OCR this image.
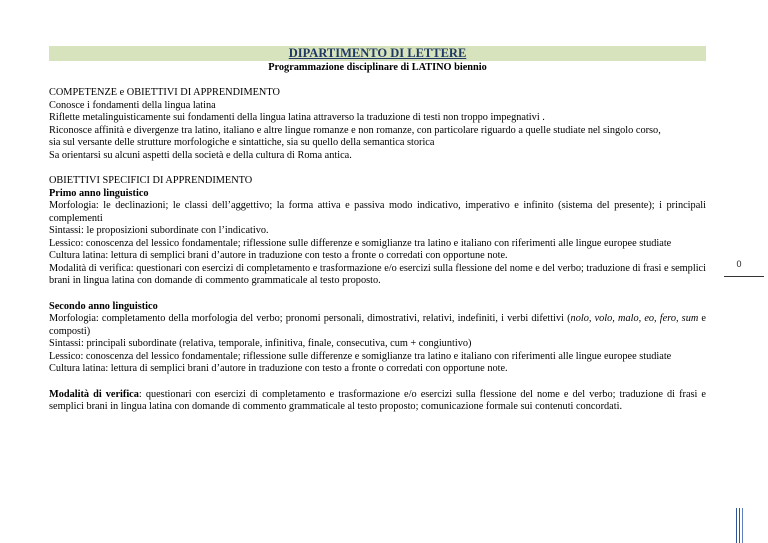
DIPARTIMENTO DI LETTERE
Programmazione disciplinare di LATINO biennio
COMPETENZE e OBIETTIVI DI APPRENDIMENTO
Conosce i fondamenti della lingua latina
Riflette metalinguisticamente sui fondamenti della lingua latina attraverso la traduzione di testi non troppo impegnativi .
Riconosce affinità e divergenze tra latino, italiano e altre lingue romanze e non romanze, con particolare riguardo a quelle studiate nel singolo corso,
sia sul versante delle strutture morfologiche e sintattiche, sia su quello della semantica storica
Sa orientarsi su alcuni aspetti della società e della cultura di Roma antica.
OBIETTIVI SPECIFICI DI APPRENDIMENTO
Primo anno linguistico
Morfologia: le declinazioni; le classi dell’aggettivo; la forma attiva e passiva modo indicativo, imperativo e infinito (sistema del presente); i principali complementi
Sintassi: le proposizioni subordinate con l’indicativo.
Lessico: conoscenza del lessico fondamentale; riflessione sulle differenze e somiglianze tra latino e italiano con riferimenti alle lingue europee studiate
Cultura latina: lettura di semplici brani d’autore in traduzione con testo a fronte o corredati con opportune note.
Modalità di verifica: questionari con esercizi di completamento e trasformazione e/o esercizi sulla flessione del nome e del verbo; traduzione di frasi e semplici brani in lingua latina con domande di commento grammaticale al testo proposto.
Secondo anno linguistico
Morfologia: completamento della morfologia del verbo; pronomi personali, dimostrativi, relativi, indefiniti, i verbi difettivi (nolo, volo, malo, eo, fero, sum e composti)
Sintassi: principali subordinate (relativa, temporale, infinitiva, finale, consecutiva, cum + congiuntivo)
Lessico: conoscenza del lessico fondamentale; riflessione sulle differenze e somiglianze tra latino e italiano con riferimenti alle lingue europee studiate
Cultura latina: lettura di semplici brani d’autore in traduzione con testo a fronte o corredati con opportune note.
Modalità di verifica: questionari con esercizi di completamento e trasformazione e/o esercizi sulla flessione del nome e del verbo; traduzione di frasi e semplici brani in lingua latina con domande di commento grammaticale al testo proposto; comunicazione formale sui contenuti concordati.
0
